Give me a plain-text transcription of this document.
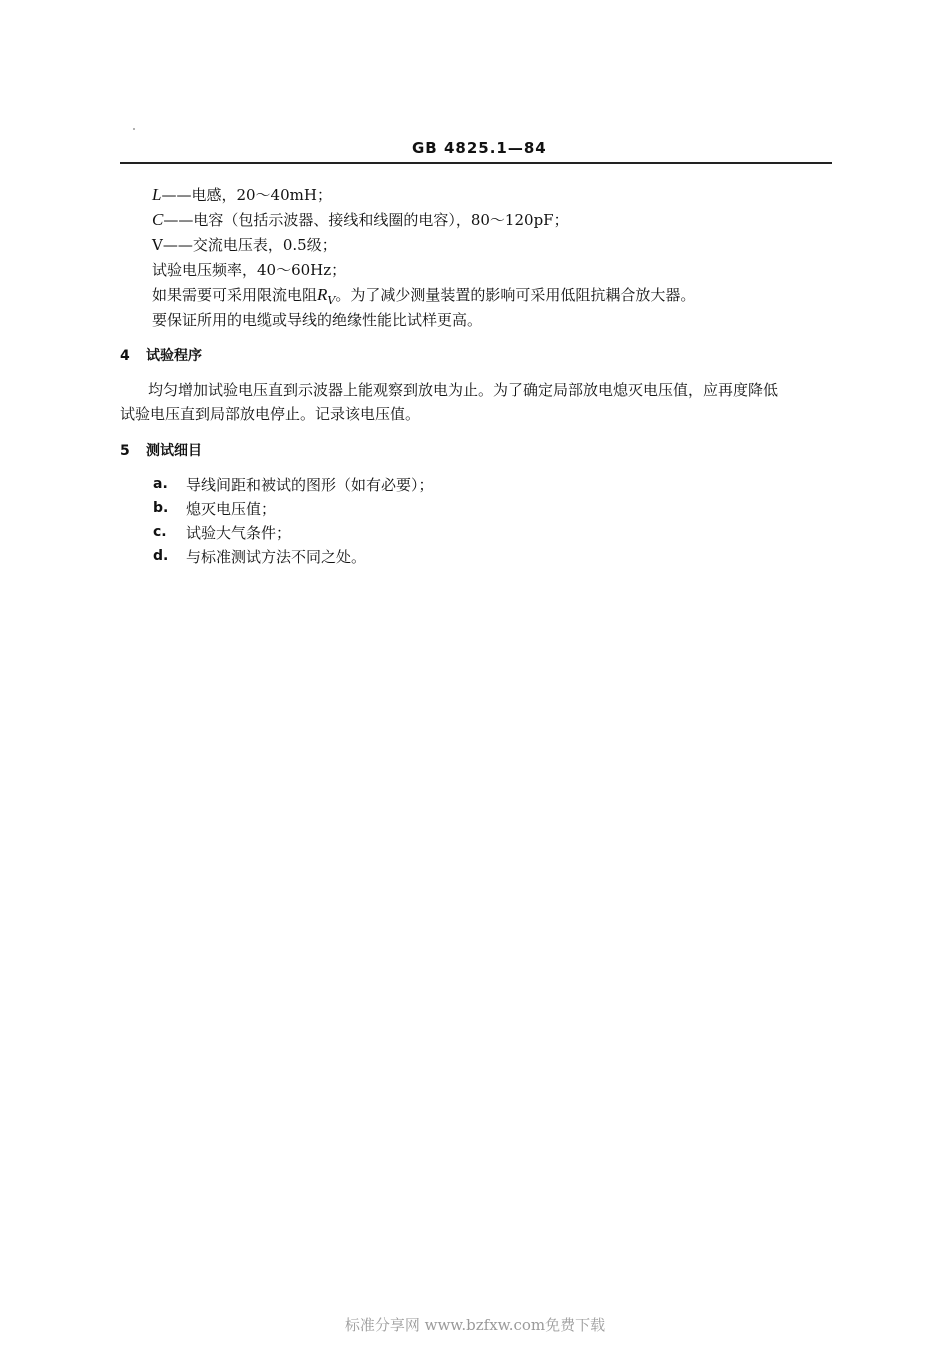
GB 4825.1—84
L——电感，20～40mH；
C——电容（包括示波器、接线和线圈的电容），80～120pF；
V——交流电压表，0.5级；
试验电压频率，40～60Hz；
如果需要可采用限流电阻$R_V$。为了减少测量装置的影响可采用低阻抗耦合放大器。
要保证所用的电缆或导线的绝缘性能比试样更高。
4 试验程序
均匀增加试验电压直到示波器上能观察到放电为止。为了确定局部放电熄灭电压值，应再度降低
试验电压直到局部放电停止。记录该电压值。
5 测试细目
a. 导线间距和被试的图形（如有必要）；
b. 熄灭电压值；
c. 试验大气条件；
d. 与标准测试方法不同之处。
标准分享网 www.bzfxw.com免费下载
